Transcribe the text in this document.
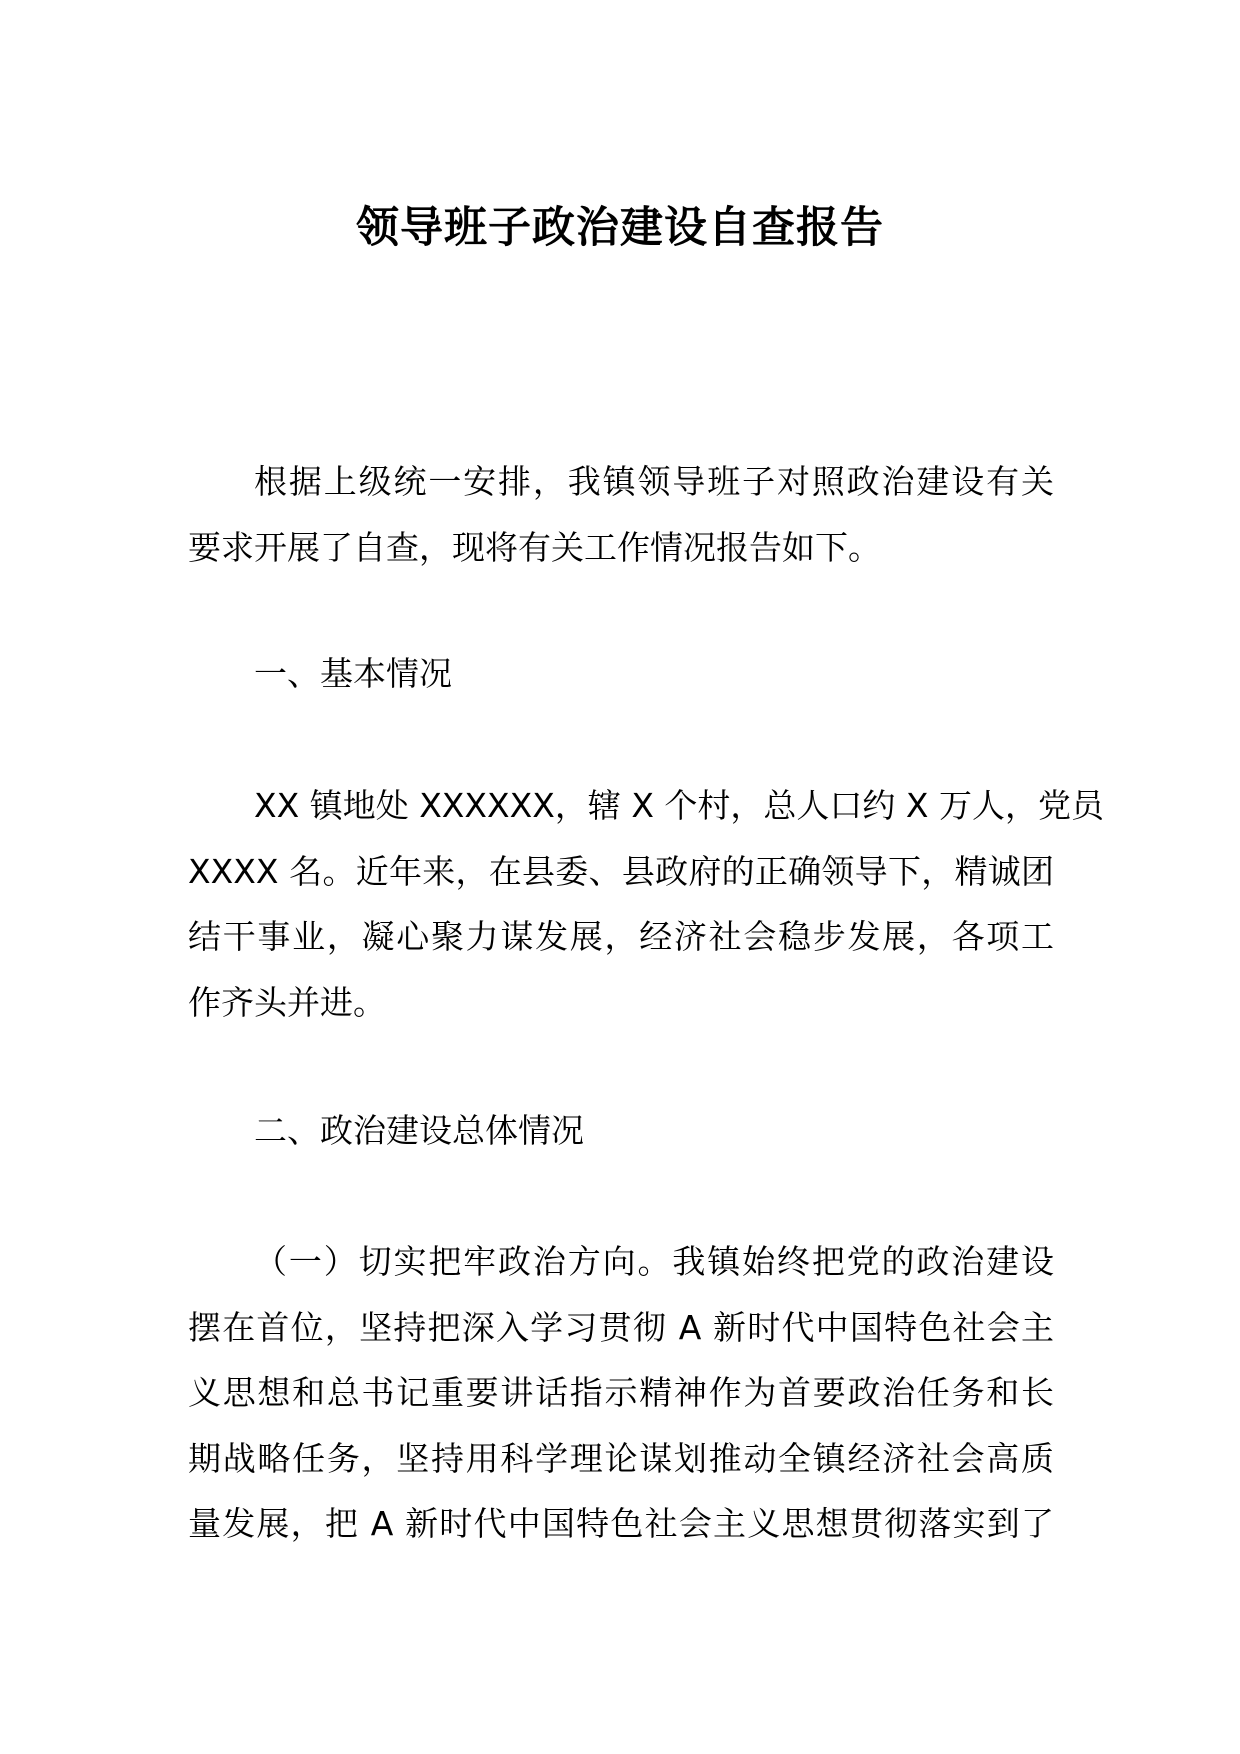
领导班子政治建设自查报告
根据上级统一安排，我镇领导班子对照政治建设有关
要求开展了自查，现将有关工作情况报告如下。
一、基本情况
XX 镇地处 XXXXXX，辖 X 个村，总人口约 X 万人，党员
XXXX 名。近年来，在县委、县政府的正确领导下，精诚团
结干事业，凝心聚力谋发展，经济社会稳步发展，各项工
作齐头并进。
二、政治建设总体情况
（一）切实把牢政治方向。我镇始终把党的政治建设
摆在首位，坚持把深入学习贯彻 A 新时代中国特色社会主
义思想和总书记重要讲话指示精神作为首要政治任务和长
期战略任务，坚持用科学理论谋划推动全镇经济社会高质
量发展，把 A 新时代中国特色社会主义思想贯彻落实到了
